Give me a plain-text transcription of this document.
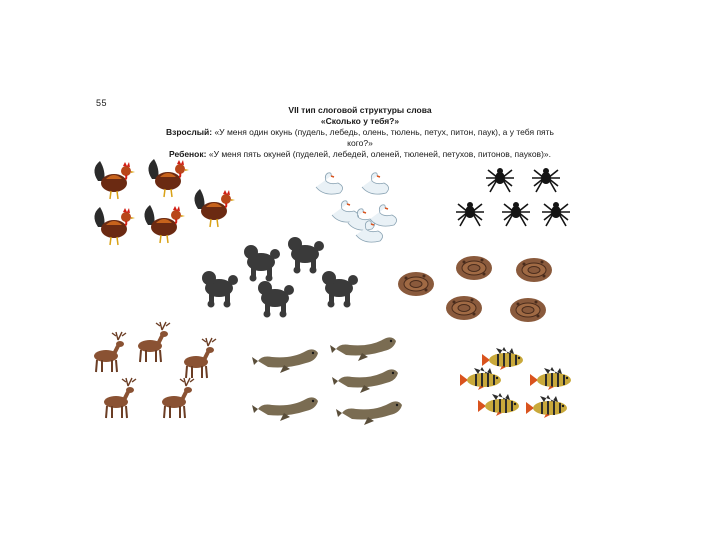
55
VII тип слоговой структуры слова
«Сколько у тебя?»
Взрослый: «У меня один окунь (пудель, лебедь, олень, тюлень, петух, питон, паук), а у тебя пять
кого?»
Ребенок: «У меня пять окуней (пуделей, лебедей, оленей, тюленей, петухов, питонов, пауков)».
